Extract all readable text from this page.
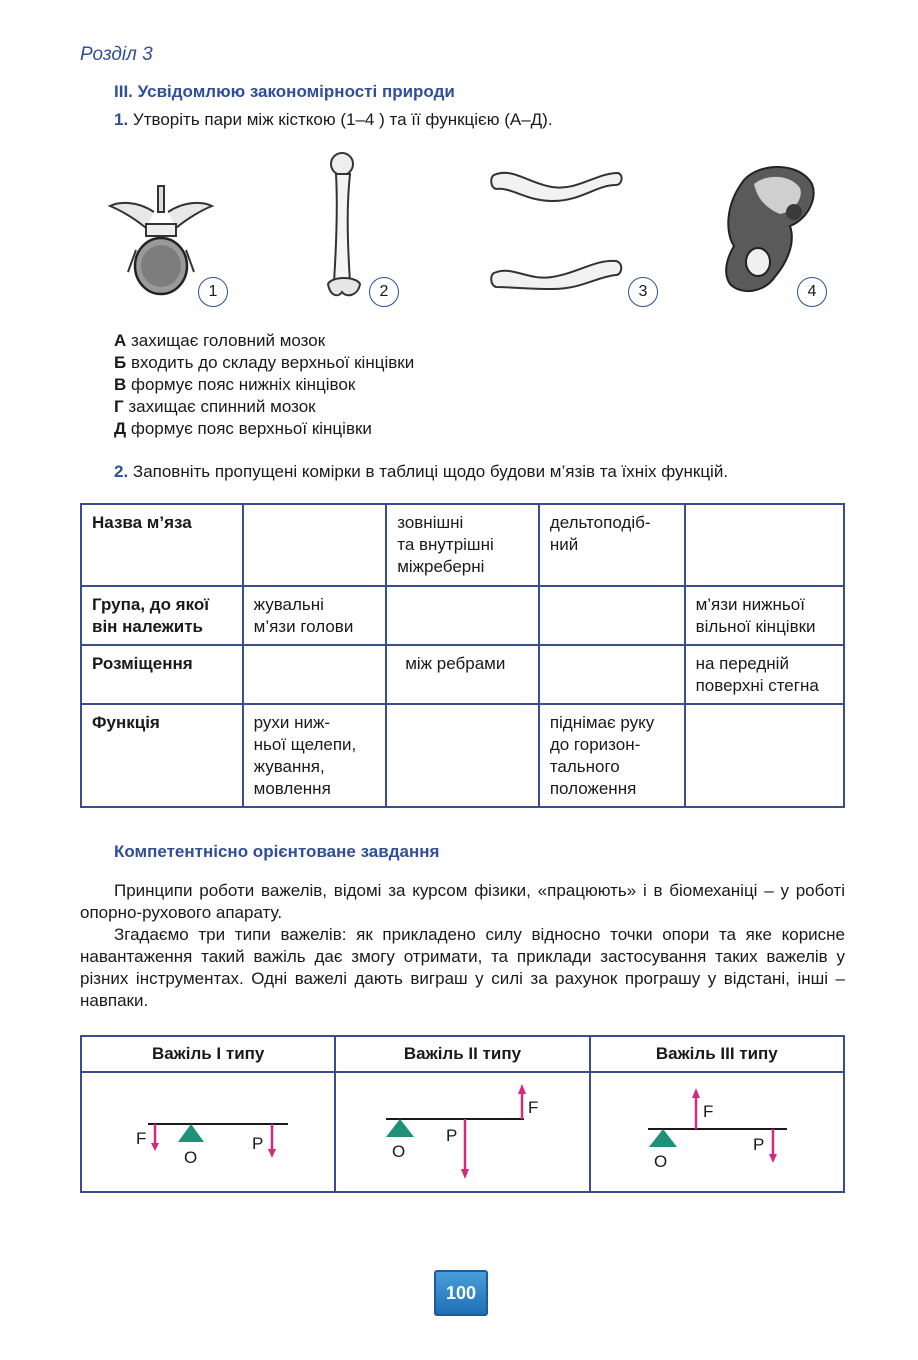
Розділ 3
ІІІ. Усвідомлюю закономірності природи
1. Утворіть пари між кісткою (1–4 ) та її функцією (А–Д).
1	2	3	4
А захищає головний мозок
Б входить до складу верхньої кінцівки
В формує пояс нижніх кінцівок
Г захищає спинний мозок
Д формує пояс верхньої кінцівки
2. Заповніть пропущені комірки в таблиці щодо будови м’язів та їхніх функцій.
Назва м’яза		зовнішні
та внутрішні
міжреберні	дельтоподіб-
ний	
Група, до якої
він належить	жувальні
м’язи голови			м’язи нижньої
вільної кінцівки
Розміщення		між ребрами		на передній
поверхні стегна
Функція	рухи ниж-
ньої щелепи,
жування,
мовлення		піднімає руку
до горизон-
тального
положення	
Компетентнісно орієнтоване завдання
Принципи роботи важелів, відомі за курсом фізики, «працюють» і в біомеханіці – у роботі опорно-рухового апарату.
Згадаємо три типи важелів: як прикладено силу відносно точки опори та яке корисне навантаження такий важіль дає змогу отримати, та приклади застосування таких важелів у різних інструментах. Одні важелі дають виграш у силі за рахунок програшу у відстані, інші – навпаки.
Важіль І типу	Важіль ІІ типу	Важіль ІІІ типу

F
O
P	F
P
O	F
P
O
100
